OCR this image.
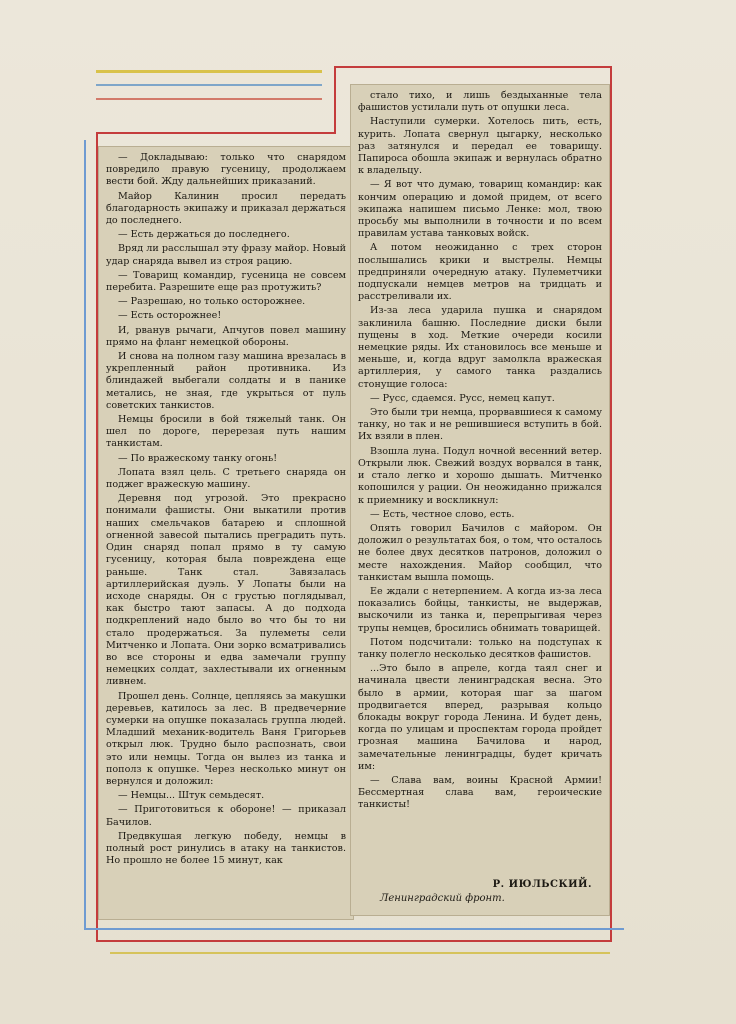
— Докладываю: только что снарядом повредило правую гусеницу, продолжаем вести бой. Жду дальнейших приказаний.

Майор Калинин просил передать благодарность экипажу и приказал держаться до последнего.

— Есть держаться до последнего.

Вряд ли расслышал эту фразу майор. Новый удар снаряда вывел из строя рацию.

— Товарищ командир, гусеница не совсем перебита. Разрешите еще раз протужить?

— Разрешаю, но только осторожнее.

— Есть осторожнее!

И, рванув рычаги, Апчугов повел машину прямо на фланг немецкой обороны.

И снова на полном газу машина врезалась в укрепленный район противника. Из блиндажей выбегали солдаты и в панике метались, не зная, где укрыться от пуль советских танкистов.

Немцы бросили в бой тяжелый танк. Он шел по дороге, перерезая путь нашим танкистам.

— По вражескому танку огонь!

Лопата взял цель. С третьего снаряда он поджег вражескую машину.

Деревня под угрозой. Это прекрасно понимали фашисты. Они выкатили против наших смельчаков батарею и сплошной огненной завесой пытались преградить путь. Один снаряд попал прямо в ту самую гусеницу, которая была повреждена еще раньше. Танк стал. Завязалась артиллерийская дуэль. У Лопаты были на исходе снаряды. Он с грустью поглядывал, как быстро тают запасы. А до подхода подкреплений надо было во что бы то ни стало продержаться. За пулеметы сели Митченко и Лопата. Они зорко всматривались во все стороны и едва замечали группу немецких солдат, захлестывали их огненным ливнем.

Прошел день. Солнце, цепляясь за макушки деревьев, катилось за лес. В предвечерние сумерки на опушке показалась группа людей. Младший механик-водитель Ваня Григорьев открыл люк. Трудно было распознать, свои это или немцы. Тогда он вылез из танка и пополз к опушке. Через несколько минут он вернулся и доложил:

— Немцы... Штук семьдесят.

— Приготовиться к обороне! — приказал Бачилов.

Предвкушая легкую победу, немцы в полный рост ринулись в атаку на танкистов. Но прошло не более 15 минут, как

стало тихо, и лишь бездыханные тела фашистов устилали путь от опушки леса.

Наступили сумерки. Хотелось пить, есть, курить. Лопата свернул цыгарку, несколько раз затянулся и передал ее товарищу. Папироса обошла экипаж и вернулась обратно к владельцу.

— Я вот что думаю, товарищ командир: как кончим операцию и домой придем, от всего экипажа напишем письмо Ленке: мол, твою просьбу мы выполнили в точности и по всем правилам устава танковых войск.

А потом неожиданно с трех сторон послышались крики и выстрелы. Немцы предприняли очередную атаку. Пулеметчики подпускали немцев метров на тридцать и расстреливали их.

Из-за леса ударила пушка и снарядом заклинила башню. Последние диски были пущены в ход. Меткие очереди косили немецкие ряды. Их становилось все меньше и меньше, и, когда вдруг замолкла вражеская артиллерия, у самого танка раздались стонущие голоса:

— Русс, сдаемся. Русс, немец капут.

Это были три немца, прорвавшиеся к самому танку, но так и не решившиеся вступить в бой. Их взяли в плен.

Взошла луна. Подул ночной весенний ветер. Открыли люк. Свежий воздух ворвался в танк, и стало легко и хорошо дышать. Митченко копошился у рации. Он неожиданно прижался к приемнику и воскликнул:

— Есть, честное слово, есть.

Опять говорил Бачилов с майором. Он доложил о результатах боя, о том, что осталось не более двух десятков патронов, доложил о месте нахождения. Майор сообщил, что танкистам вышла помощь.

Ее ждали с нетерпением. А когда из-за леса показались бойцы, танкисты, не выдержав, выскочили из танка и, перепрыгивая через трупы немцев, бросились обнимать товарищей.

Потом подсчитали: только на подступах к танку полегло несколько десятков фашистов.

...Это было в апреле, когда таял снег и начинала цвести ленинградская весна. Это было в армии, которая шаг за шагом продвигается вперед, разрывая кольцо блокады вокруг города Ленина. И будет день, когда по улицам и проспектам города пройдет грозная машина Бачилова и народ, замечательные ленинградцы, будет кричать им:

— Слава вам, воины Красной Армии! Бессмертная слава вам, героические танкисты!

Р. ИЮЛЬСКИЙ.
Ленинградский фронт.
